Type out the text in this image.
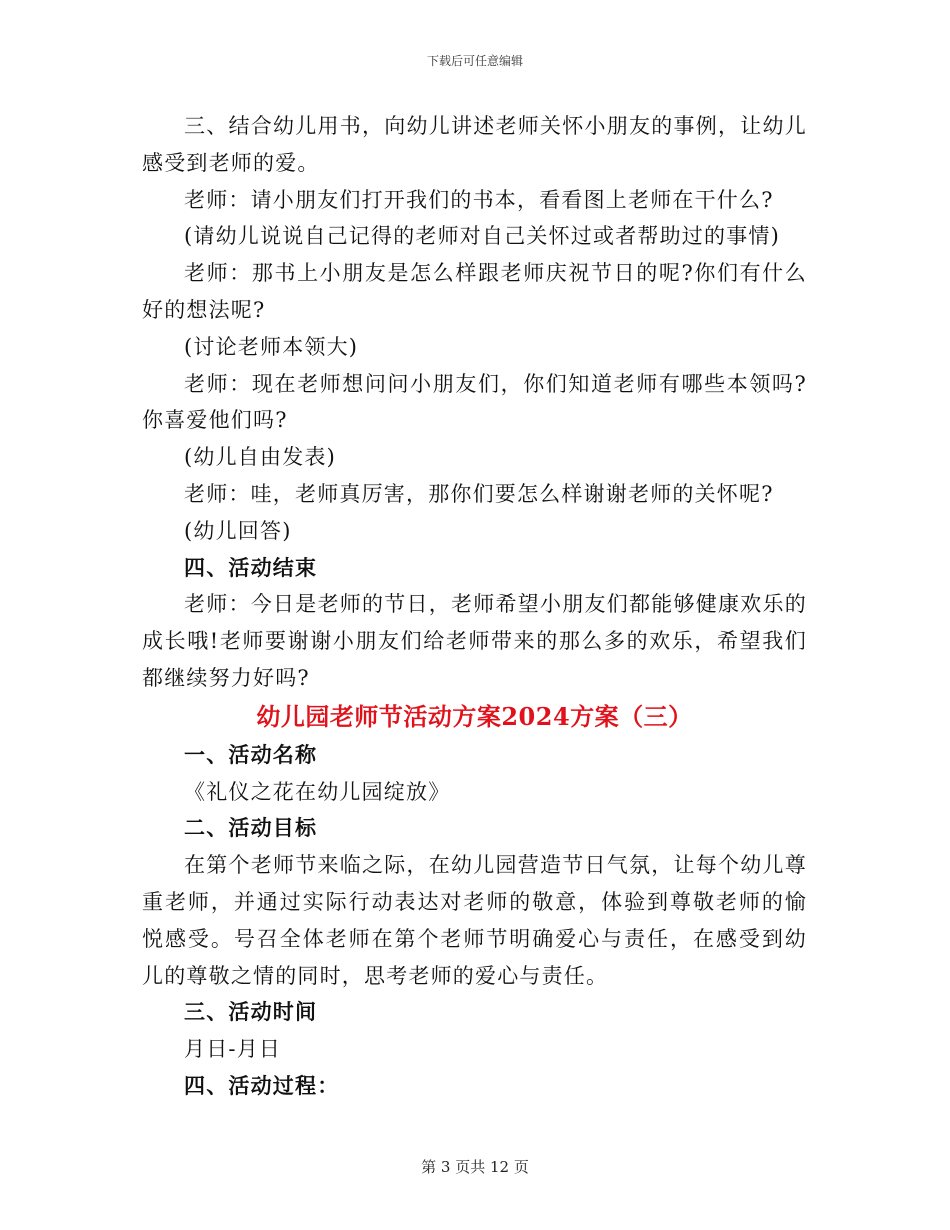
下载后可任意编辑

三、结合幼儿用书，向幼儿讲述老师关怀小朋友的事例，让幼儿感受到老师的爱。

老师：请小朋友们打开我们的书本，看看图上老师在干什么?

(请幼儿说说自己记得的老师对自己关怀过或者帮助过的事情)

老师：那书上小朋友是怎么样跟老师庆祝节日的呢?你们有什么好的想法呢?

(讨论老师本领大)

老师：现在老师想问问小朋友们，你们知道老师有哪些本领吗?你喜爱他们吗?

(幼儿自由发表)

老师：哇，老师真厉害，那你们要怎么样谢谢老师的关怀呢?

(幼儿回答)

四、活动结束

老师：今日是老师的节日，老师希望小朋友们都能够健康欢乐的成长哦!老师要谢谢小朋友们给老师带来的那么多的欢乐，希望我们都继续努力好吗?

幼儿园老师节活动方案2024方案（三）

一、活动名称

《礼仪之花在幼儿园绽放》

二、活动目标

在第个老师节来临之际，在幼儿园营造节日气氛，让每个幼儿尊重老师，并通过实际行动表达对老师的敬意，体验到尊敬老师的愉悦感受。号召全体老师在第个老师节明确爱心与责任，在感受到幼儿的尊敬之情的同时，思考老师的爱心与责任。

三、活动时间

月日-月日

四、活动过程：

第 3 页共 12 页
